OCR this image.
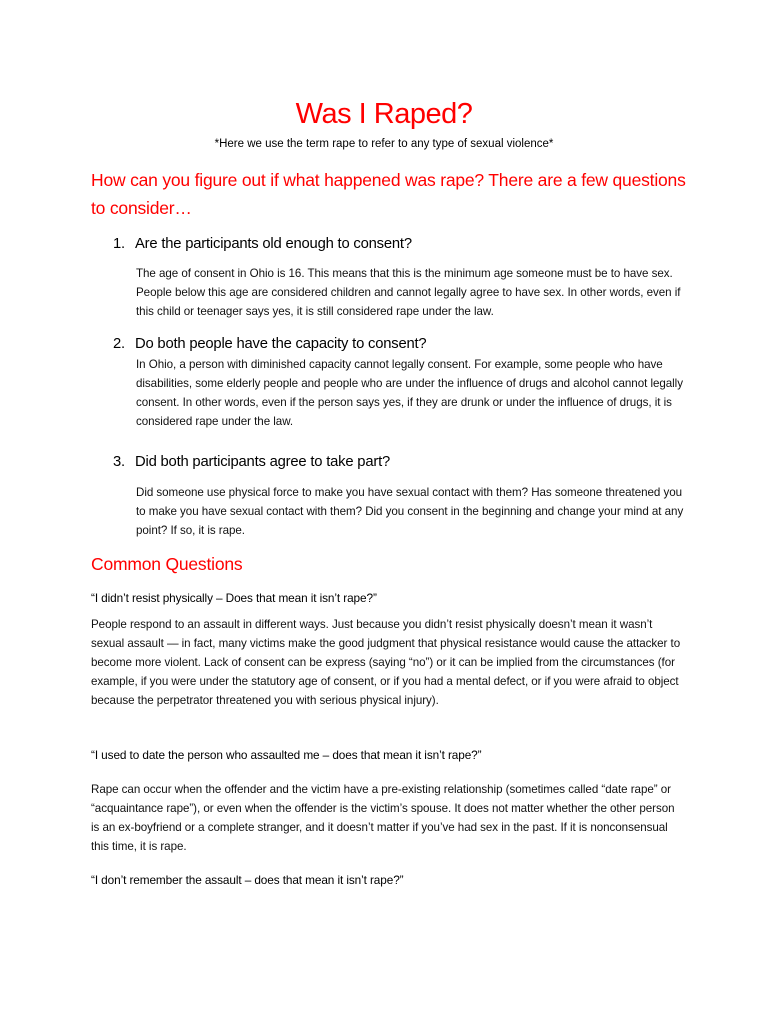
Was I Raped?
*Here we use the term rape to refer to any type of sexual violence*
How can you figure out if what happened was rape? There are a few questions to consider…
1. Are the participants old enough to consent?
The age of consent in Ohio is 16. This means that this is the minimum age someone must be to have sex. People below this age are considered children and cannot legally agree to have sex. In other words, even if this child or teenager says yes, it is still considered rape under the law.
2. Do both people have the capacity to consent?
In Ohio, a person with diminished capacity cannot legally consent. For example, some people who have disabilities, some elderly people and people who are under the influence of drugs and alcohol cannot legally consent. In other words, even if the person says yes, if they are drunk or under the influence of drugs, it is considered rape under the law.
3. Did both participants agree to take part?
Did someone use physical force to make you have sexual contact with them? Has someone threatened you to make you have sexual contact with them? Did you consent in the beginning and change your mind at any point? If so, it is rape.
Common Questions
“I didn’t resist physically – Does that mean it isn’t rape?”
People respond to an assault in different ways. Just because you didn’t resist physically doesn’t mean it wasn’t sexual assault — in fact, many victims make the good judgment that physical resistance would cause the attacker to become more violent. Lack of consent can be express (saying “no”) or it can be implied from the circumstances (for example, if you were under the statutory age of consent, or if you had a mental defect, or if you were afraid to object because the perpetrator threatened you with serious physical injury).
“I used to date the person who assaulted me – does that mean it isn’t rape?”
Rape can occur when the offender and the victim have a pre-existing relationship (sometimes called “date rape” or “acquaintance rape”), or even when the offender is the victim’s spouse. It does not matter whether the other person is an ex-boyfriend or a complete stranger, and it doesn’t matter if you’ve had sex in the past. If it is nonconsensual this time, it is rape.
“I don’t remember the assault – does that mean it isn’t rape?”
